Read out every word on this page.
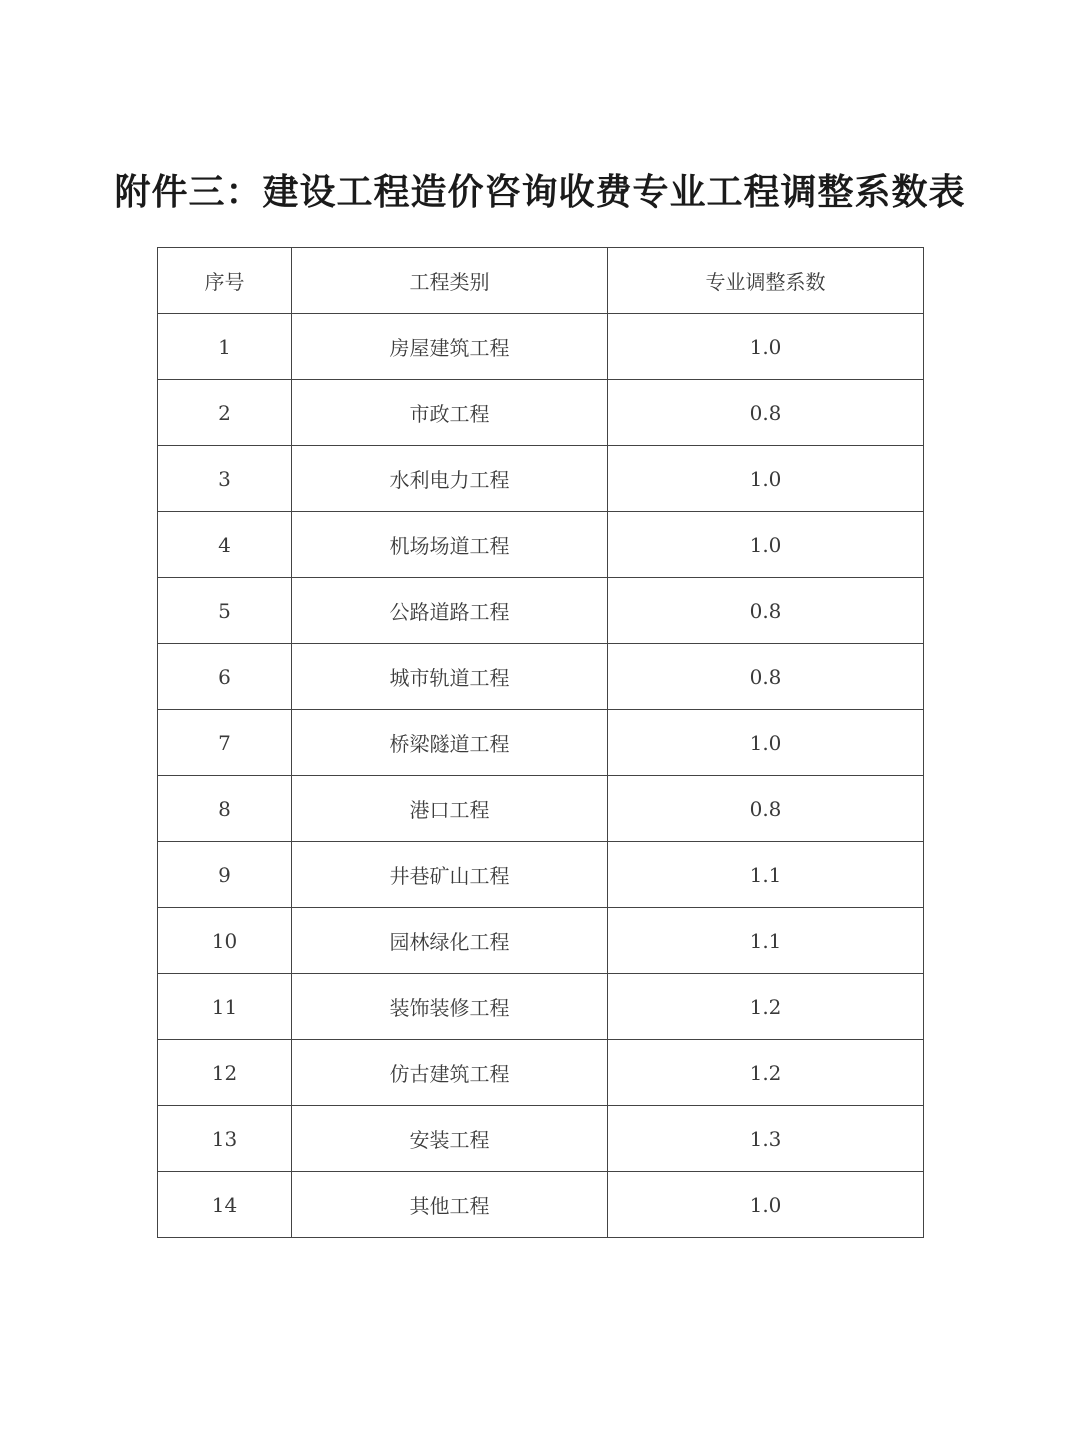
附件三：建设工程造价咨询收费专业工程调整系数表
序号	工程类别	专业调整系数
1	房屋建筑工程	1.0
2	市政工程	0.8
3	水利电力工程	1.0
4	机场场道工程	1.0
5	公路道路工程	0.8
6	城市轨道工程	0.8
7	桥梁隧道工程	1.0
8	港口工程	0.8
9	井巷矿山工程	1.1
10	园林绿化工程	1.1
11	装饰装修工程	1.2
12	仿古建筑工程	1.2
13	安装工程	1.3
14	其他工程	1.0
